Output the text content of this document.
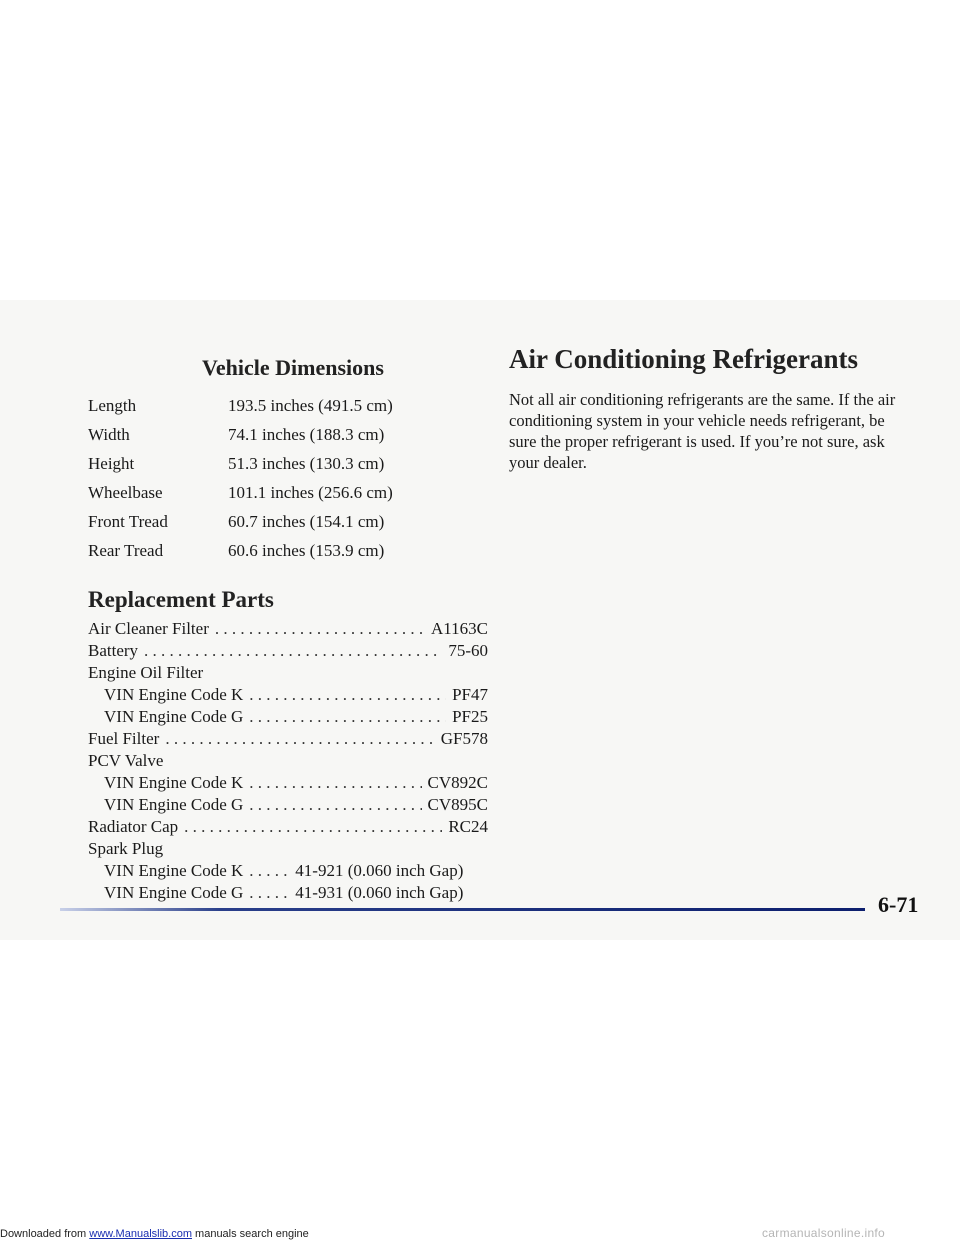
Vehicle Dimensions
Length	193.5 inches (491.5 cm)
Width	74.1 inches (188.3 cm)
Height	51.3 inches (130.3 cm)
Wheelbase	101.1 inches (256.6 cm)
Front Tread	60.7 inches (154.1 cm)
Rear Tread	60.6 inches (153.9 cm)
Replacement Parts
Air Cleaner Filter . . .	A1163C
Battery . . .	75-60
Engine Oil Filter
VIN Engine Code K . . .	PF47
VIN Engine Code G . . .	PF25
Fuel Filter . . .	GF578
PCV Valve
VIN Engine Code K . . .	CV892C
VIN Engine Code G . . .	CV895C
Radiator Cap . . .	RC24
Spark Plug
VIN Engine Code K . . .	41-921 (0.060 inch Gap)
VIN Engine Code G . . .	41-931 (0.060 inch Gap)
Air Conditioning Refrigerants

Not all air conditioning refrigerants are the same. If the air conditioning system in your vehicle needs refrigerant, be sure the proper refrigerant is used. If you’re not sure, ask your dealer.

6-71
Downloaded from www.Manualslib.com manuals search engine	carmanualsonline.info
